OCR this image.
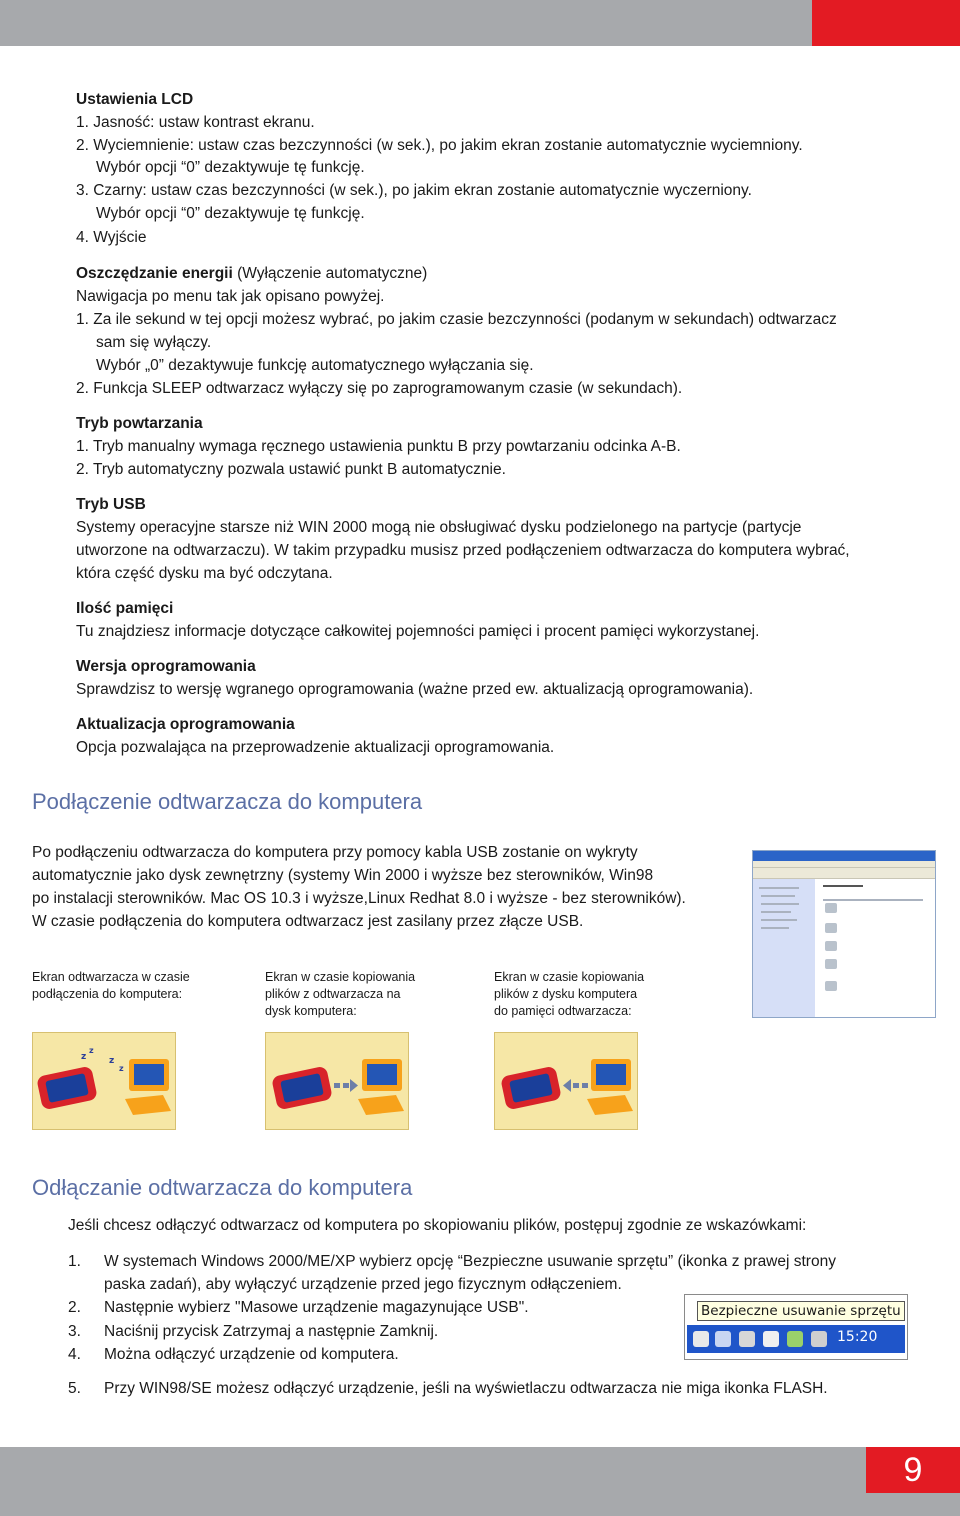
Ustawienia LCD
1. Jasność: ustaw kontrast ekranu.
2. Wyciemnienie: ustaw czas bezczynności (w sek.), po jakim ekran zostanie automatycznie wyciemniony.
Wybór opcji “0” dezaktywuje tę funkcję.
3. Czarny: ustaw czas bezczynności (w sek.), po jakim ekran zostanie automatycznie wyczerniony.
Wybór opcji “0” dezaktywuje tę funkcję.
4. Wyjście
Oszczędzanie energii (Wyłączenie automatyczne)
Nawigacja po menu tak jak opisano powyżej.
1. Za ile sekund w tej opcji możesz wybrać, po jakim czasie bezczynności (podanym w sekundach) odtwarzacz
sam się wyłączy.
Wybór „0” dezaktywuje funkcję automatycznego wyłączania się.
2. Funkcja SLEEP odtwarzacz wyłączy się po zaprogramowanym czasie (w sekundach).
Tryb powtarzania
1. Tryb manualny wymaga ręcznego ustawienia punktu B przy powtarzaniu odcinka A-B.
2. Tryb automatyczny pozwala ustawić punkt B automatycznie.
Tryb USB
Systemy operacyjne starsze niż WIN 2000 mogą nie obsługiwać dysku podzielonego na partycje (partycje
utworzone na odtwarzaczu). W takim przypadku musisz przed podłączeniem odtwarzacza do komputera wybrać,
która część dysku ma być odczytana.
Ilość pamięci
Tu znajdziesz informacje dotyczące całkowitej pojemności pamięci i procent pamięci wykorzystanej.
Wersja oprogramowania
Sprawdzisz to wersję wgranego oprogramowania (ważne przed ew. aktualizacją oprogramowania).
Aktualizacja oprogramowania
Opcja pozwalająca na przeprowadzenie aktualizacji oprogramowania.
Podłączenie odtwarzacza do komputera
Po podłączeniu odtwarzacza do komputera przy pomocy kabla USB zostanie on wykryty
automatycznie jako dysk zewnętrzny (systemy Win 2000 i wyższe bez sterowników, Win98
po instalacji sterowników. Mac OS 10.3 i wyższe,Linux Redhat 8.0 i wyższe - bez sterowników).
W czasie podłączenia do komputera odtwarzacz jest zasilany przez złącze USB.
Ekran odtwarzacza w czasie
podłączenia do komputera:
Ekran w czasie kopiowania
plików z odtwarzacza na
dysk komputera:
Ekran w czasie kopiowania
plików z dysku komputera
do pamięci odtwarzacza:
z
z
z
z
Odłączanie odtwarzacza do komputera
Jeśli chcesz odłączyć odtwarzacz od komputera po skopiowaniu plików, postępuj zgodnie ze wskazówkami:
1. W systemach Windows 2000/ME/XP wybierz opcję “Bezpieczne usuwanie sprzętu” (ikonka z prawej strony
paska zadań), aby wyłączyć urządzenie przed jego fizycznym odłączeniem.
2. Następnie wybierz "Masowe urządzenie magazynujące USB".
3. Naciśnij przycisk Zatrzymaj a następnie Zamknij.
4. Można odłączyć urządzenie od komputera.
5. Przy WIN98/SE możesz odłączyć urządzenie, jeśli na wyświetlaczu odtwarzacza nie miga ikonka FLASH.
Bezpieczne usuwanie sprzętu
15:20
9
